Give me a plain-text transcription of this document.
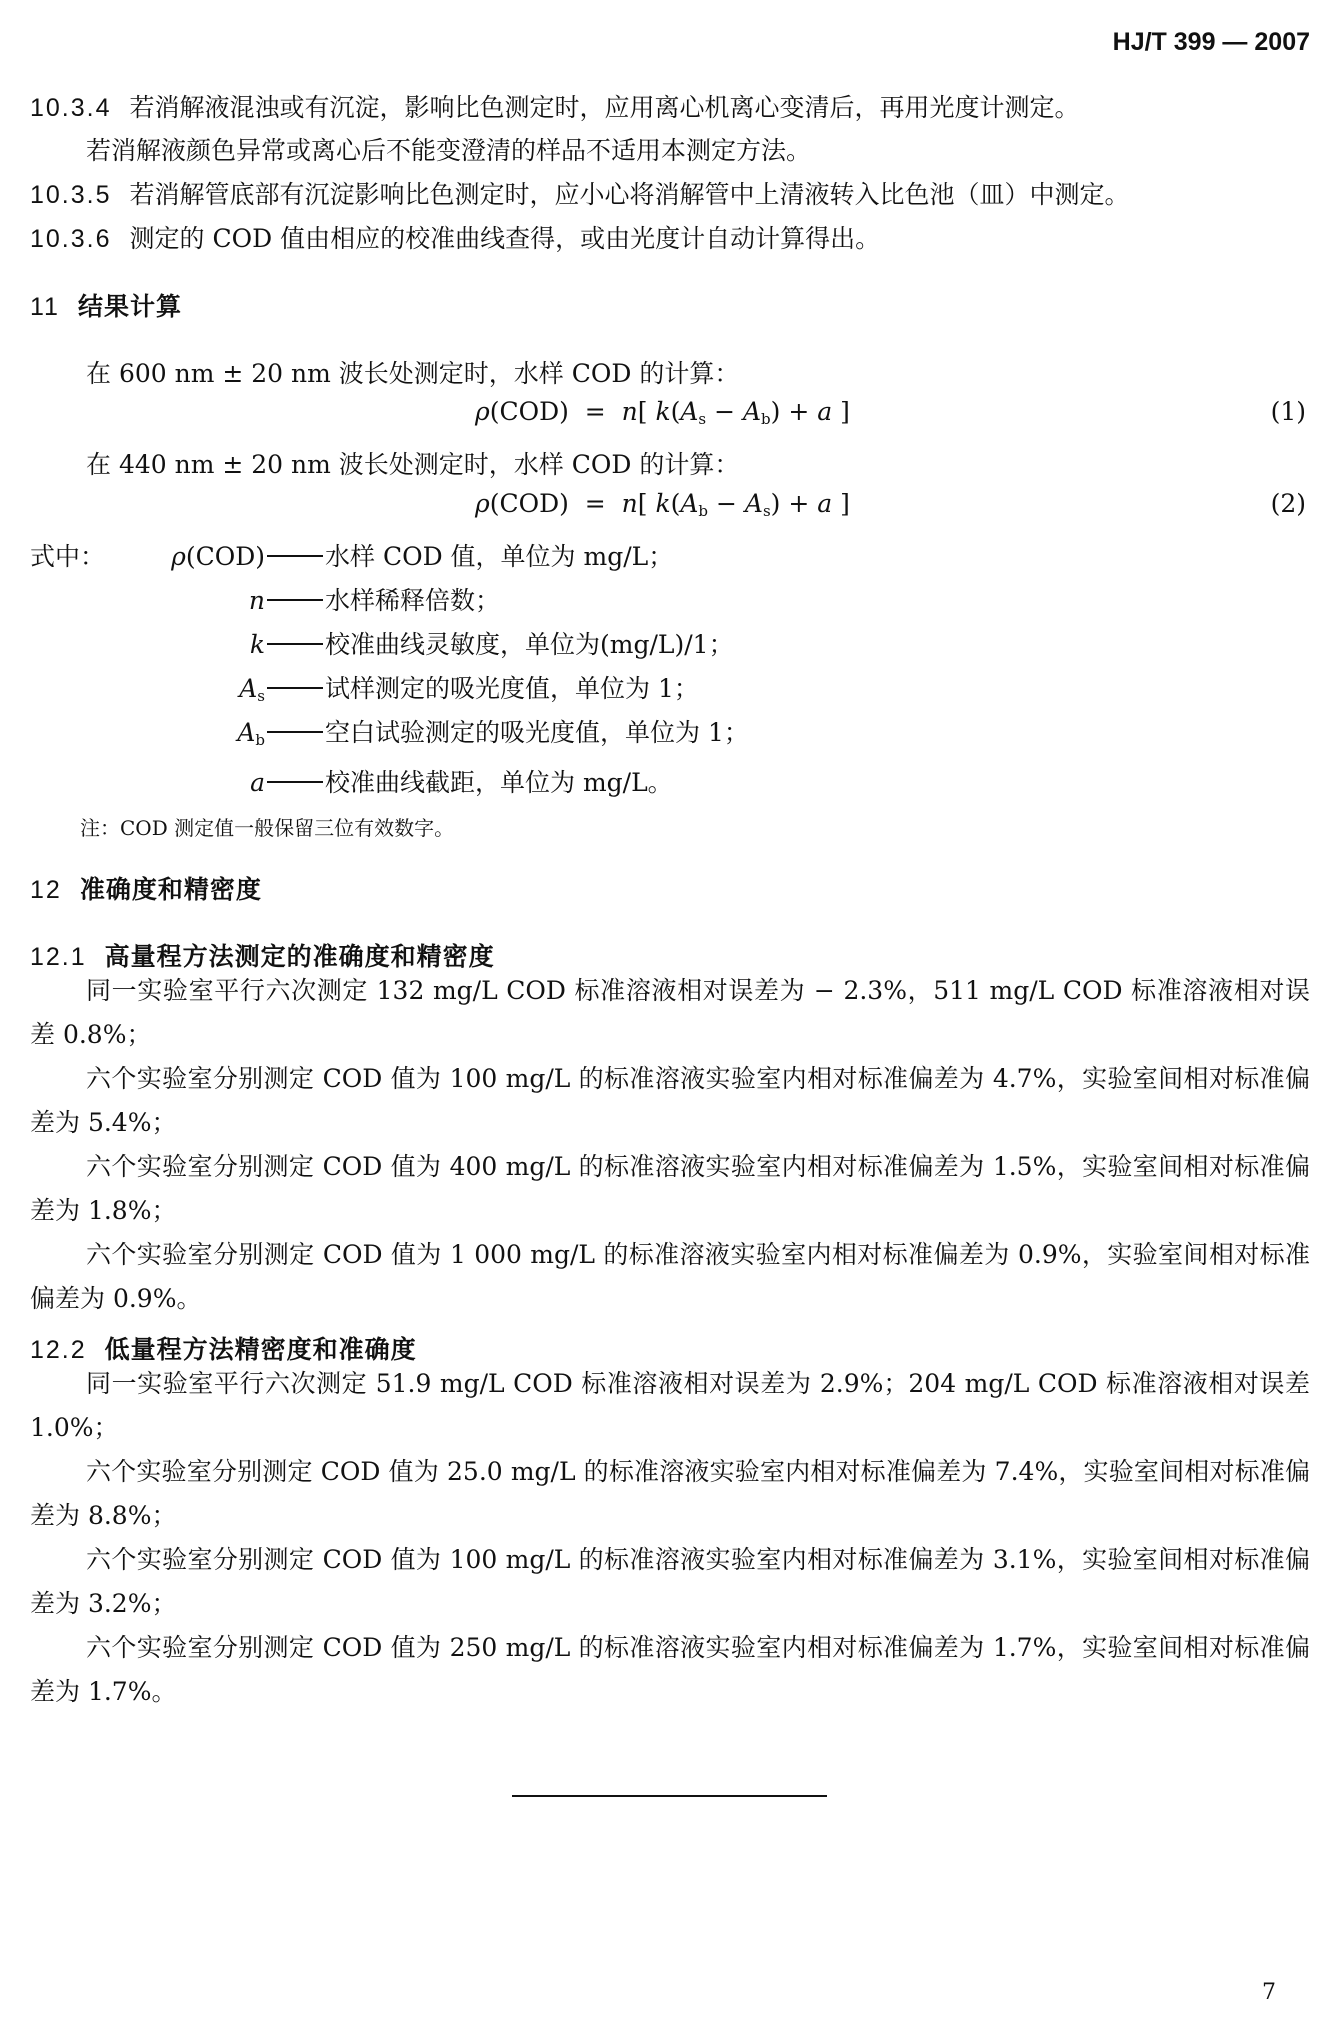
HJ/T 399 — 2007
10.3.4 若消解液混浊或有沉淀，影响比色测定时，应用离心机离心变清后，再用光度计测定。
若消解液颜色异常或离心后不能变澄清的样品不适用本测定方法。
10.3.5 若消解管底部有沉淀影响比色测定时，应小心将消解管中上清液转入比色池（皿）中测定。
10.3.6 测定的 COD 值由相应的校准曲线查得，或由光度计自动计算得出。
11 结果计算
在 600 nm ± 20 nm 波长处测定时，水样 COD 的计算：
ρ(COD)  =  n[ $k(A_s - A_b) + a$ ]	(1)
在 440 nm ± 20 nm 波长处测定时，水样 COD 的计算：
ρ(COD)  =  n[ $k(A_b - A_s) + a$ ]	(2)
式中：	ρ(COD) 水样 COD 值，单位为 mg/L；
n 水样稀释倍数；
k 校准曲线灵敏度，单位为(mg/L)/1；
$A_s$ 试样测定的吸光度值，单位为 1；
$A_b$ 空白试验测定的吸光度值，单位为 1；
a 校准曲线截距，单位为 mg/L。
注：COD 测定值一般保留三位有效数字。
12 准确度和精密度
12.1 高量程方法测定的准确度和精密度
同一实验室平行六次测定 132 mg/L COD 标准溶液相对误差为 − 2.3%，511 mg/L COD 标准溶液相对误差 0.8%；
六个实验室分别测定 COD 值为 100 mg/L 的标准溶液实验室内相对标准偏差为 4.7%，实验室间相对标准偏差为 5.4%；
六个实验室分别测定 COD 值为 400 mg/L 的标准溶液实验室内相对标准偏差为 1.5%，实验室间相对标准偏差为 1.8%；
六个实验室分别测定 COD 值为 1 000 mg/L 的标准溶液实验室内相对标准偏差为 0.9%，实验室间相对标准偏差为 0.9%。
12.2 低量程方法精密度和准确度
同一实验室平行六次测定 51.9 mg/L COD 标准溶液相对误差为 2.9%；204 mg/L COD 标准溶液相对误差 1.0%；
六个实验室分别测定 COD 值为 25.0 mg/L 的标准溶液实验室内相对标准偏差为 7.4%，实验室间相对标准偏差为 8.8%；
六个实验室分别测定 COD 值为 100 mg/L 的标准溶液实验室内相对标准偏差为 3.1%，实验室间相对标准偏差为 3.2%；
六个实验室分别测定 COD 值为 250 mg/L 的标准溶液实验室内相对标准偏差为 1.7%，实验室间相对标准偏差为 1.7%。
7
